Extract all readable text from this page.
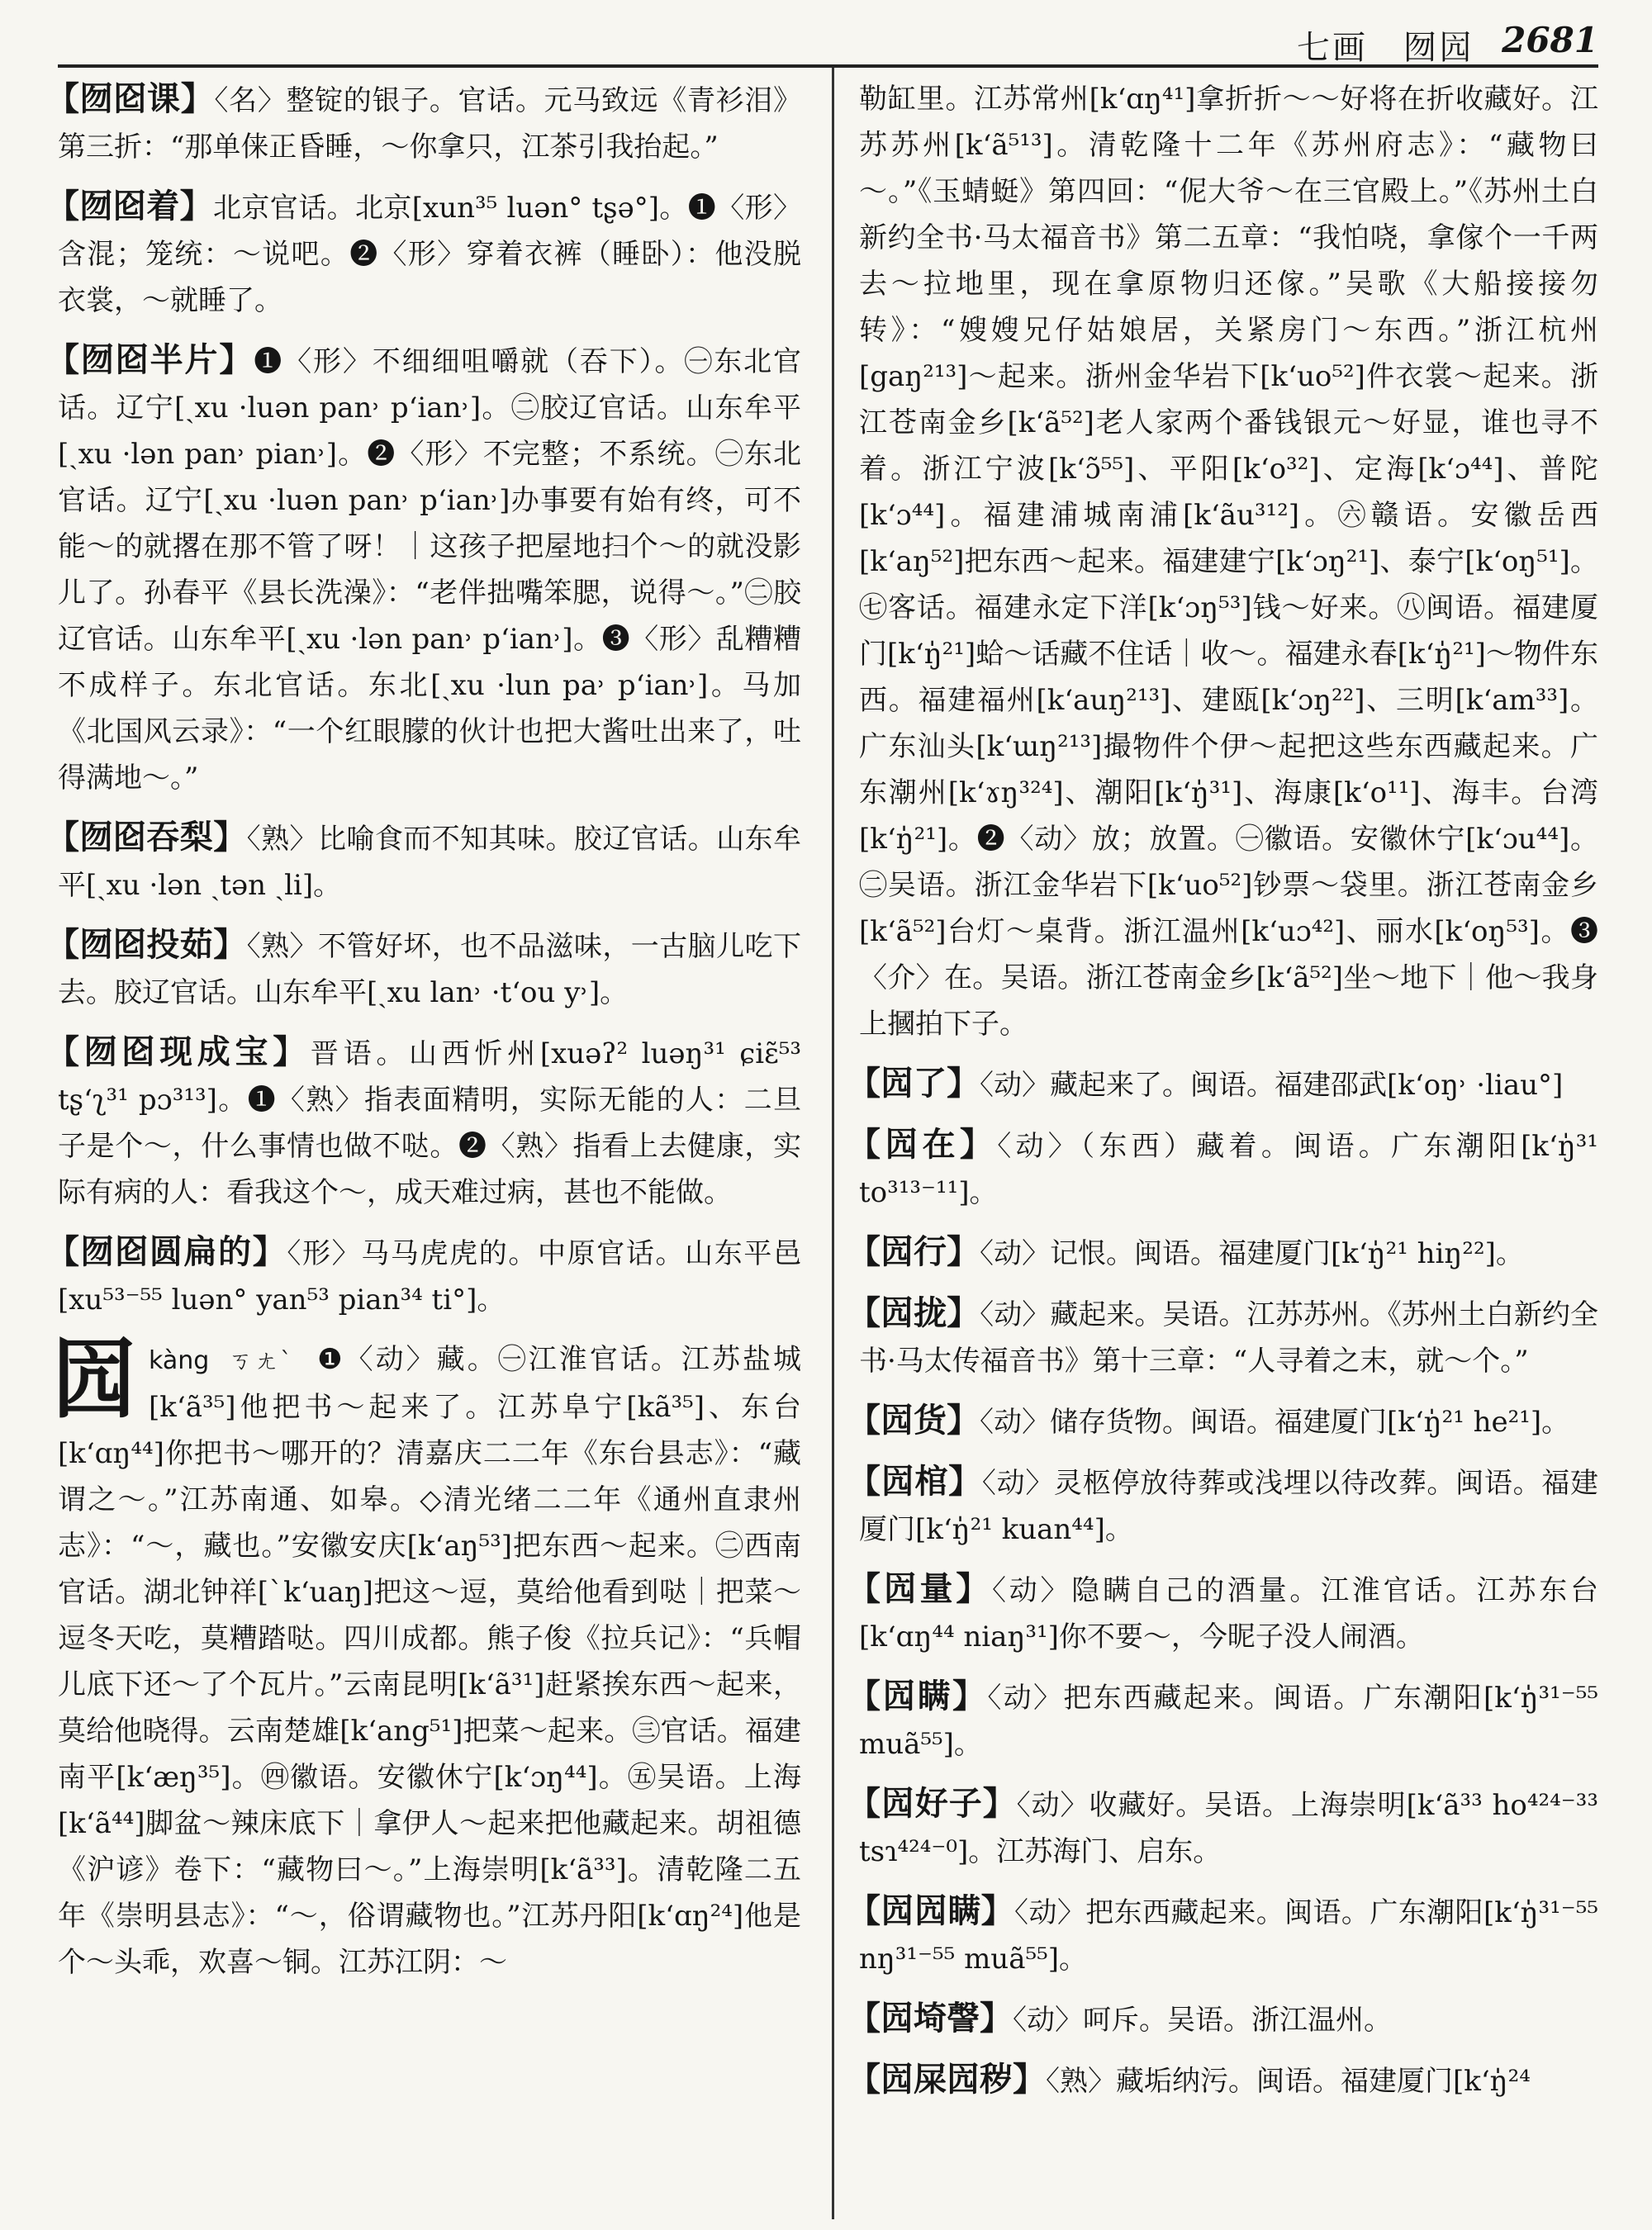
七画　囫囥 2681
【囫囵课】〈名〉整锭的银子。官话。元马致远《青衫泪》第三折：“那单俫正昏睡，～你拿只，江茶引我抬起。”
【囫囵着】北京官话。北京[xun³⁵ luən° tʂə°]。❶〈形〉含混；笼统：～说吧。❷〈形〉穿着衣裤（睡卧）：他没脱衣裳，～就睡了。
【囫囵半片】❶〈形〉不细细咀嚼就（吞下）。㊀东北官话。辽宁[ˏxu ·luən pan˒ pʻian˒]。㊁胶辽官话。山东牟平[ˏxu ·lən pan˒ pian˒]。❷〈形〉不完整；不系统。㊀东北官话。辽宁[ˏxu ·luən pan˒ pʻian˒]办事要有始有终，可不能～的就撂在那不管了呀！｜这孩子把屋地扫个～的就没影儿了。孙春平《县长洗澡》：“老伴拙嘴笨腮，说得～。”㊁胶辽官话。山东牟平[ˏxu ·lən pan˒ pʻian˒]。❸〈形〉乱糟糟不成样子。东北官话。东北[ˏxu ·lun pa˒ pʻian˒]。马加《北国风云录》：“一个红眼朦的伙计也把大酱吐出来了，吐得满地～。”
【囫囵吞梨】〈熟〉比喻食而不知其味。胶辽官话。山东牟平[ˏxu ·lən ˏtən ˏli]。
【囫囵投茹】〈熟〉不管好坏，也不品滋味，一古脑儿吃下去。胶辽官话。山东牟平[ˏxu lan˒ ·tʻou y˒]。
【囫囵现成宝】晋语。山西忻州[xuəʔ² luəŋ³¹ ɕiɛ̃⁵³ tʂʻʅ³¹ pɔ³¹³]。❶〈熟〉指表面精明，实际无能的人：二旦子是个～，什么事情也做不哒。❷〈熟〉指看上去健康，实际有病的人：看我这个～，成天难过病，甚也不能做。
【囫囵圆扁的】〈形〉马马虎虎的。中原官话。山东平邑[xu⁵³⁻⁵⁵ luən° yan⁵³ pian³⁴ ti°]。
囥 kàng ㄎㄤˋ ❶〈动〉藏。㊀江淮官话。江苏盐城[kʻã³⁵]他把书～起来了。江苏阜宁[kã³⁵]、东台[kʻɑŋ⁴⁴]你把书～哪开的？清嘉庆二二年《东台县志》：“藏谓之～。”江苏南通、如皋。◇清光绪二二年《通州直隶州志》：“～，藏也。”安徽安庆[kʻaŋ⁵³]把东西～起来。㊁西南官话。湖北钟祥[ˋkʻuaŋ]把这～逗，莫给他看到哒｜把菜～逗冬天吃，莫糟踏哒。四川成都。熊子俊《拉兵记》：“兵帽儿底下还～了个瓦片。”云南昆明[kʻã³¹]赶紧挨东西～起来，莫给他晓得。云南楚雄[kʻang⁵¹]把菜～起来。㊂官话。福建南平[kʻæŋ³⁵]。㊃徽语。安徽休宁[kʻɔŋ⁴⁴]。㊄吴语。上海[kʻã⁴⁴]脚盆～辣床底下｜拿伊人～起来把他藏起来。胡祖德《沪谚》卷下：“藏物曰～。”上海崇明[kʻã³³]。清乾隆二五年《崇明县志》：“～，俗谓藏物也。”江苏丹阳[kʻɑŋ²⁴]他是个～头乖，欢喜～铜。江苏江阴：～
勒缸里。江苏常州[kʻɑŋ⁴¹]拿折折～～好将在折收藏好。江苏苏州[kʻã⁵¹³]。清乾隆十二年《苏州府志》：“藏物曰～。”《玉蜻蜓》第四回：“伲大爷～在三官殿上。”《苏州土白新约全书·马太福音书》第二五章：“我怕哓，拿傢个一千两去～拉地里，现在拿原物归还傢。”吴歌《大船接接勿转》：“嫂嫂兄仔姑娘居，关紧房门～东西。”浙江杭州[gaŋ²¹³]～起来。浙州金华岩下[kʻuo⁵²]件衣裳～起来。浙江苍南金乡[kʻã⁵²]老人家两个番钱银元～好显，谁也寻不着。浙江宁波[kʻɔ̃⁵⁵]、平阳[kʻo³²]、定海[kʻɔ⁴⁴]、普陀[kʻɔ⁴⁴]。福建浦城南浦[kʻãu³¹²]。㊅赣语。安徽岳西[kʻaŋ⁵²]把东西～起来。福建建宁[kʻɔŋ²¹]、泰宁[kʻoŋ⁵¹]。㊆客话。福建永定下洋[kʻɔŋ⁵³]钱～好来。㊇闽语。福建厦门[kʻŋ̍²¹]蛤～话藏不住话｜收～。福建永春[kʻŋ̍²¹]～物件东西。福建福州[kʻauŋ²¹³]、建瓯[kʻɔŋ²²]、三明[kʻam³³]。广东汕头[kʻɯŋ²¹³]撮物件个伊～起把这些东西藏起来。广东潮州[kʻɤŋ³²⁴]、潮阳[kʻŋ̍³¹]、海康[kʻo¹¹]、海丰。台湾[kʻŋ̍²¹]。❷〈动〉放；放置。㊀徽语。安徽休宁[kʻɔu⁴⁴]。㊁吴语。浙江金华岩下[kʻuo⁵²]钞票～袋里。浙江苍南金乡[kʻã⁵²]台灯～桌背。浙江温州[kʻuɔ⁴²]、丽水[kʻoŋ⁵³]。❸〈介〉在。吴语。浙江苍南金乡[kʻã⁵²]坐～地下｜他～我身上摑拍下子。
【囥了】〈动〉藏起来了。闽语。福建邵武[kʻoŋ˒ ·liau°]
【囥在】〈动〉（东西）藏着。闽语。广东潮阳[kʻŋ̍³¹ to³¹³⁻¹¹]。
【囥行】〈动〉记恨。闽语。福建厦门[kʻŋ̍²¹ hiŋ²²]。
【囥拢】〈动〉藏起来。吴语。江苏苏州。《苏州土白新约全书·马太传福音书》第十三章：“人寻着之末，就～个。”
【囥货】〈动〉储存货物。闽语。福建厦门[kʻŋ̍²¹ he²¹]。
【囥棺】〈动〉灵柩停放待葬或浅埋以待改葬。闽语。福建厦门[kʻŋ̍²¹ kuan⁴⁴]。
【囥量】〈动〉隐瞒自己的酒量。江淮官话。江苏东台[kʻɑŋ⁴⁴ niaŋ³¹]你不要～，今昵子没人闹酒。
【囥瞒】〈动〉把东西藏起来。闽语。广东潮阳[kʻŋ̍³¹⁻⁵⁵ muã⁵⁵]。
【囥好子】〈动〉收藏好。吴语。上海崇明[kʻã³³ ho⁴²⁴⁻³³ tsɿ⁴²⁴⁻⁰]。江苏海门、启东。
【囥囥瞒】〈动〉把东西藏起来。闽语。广东潮阳[kʻŋ̍³¹⁻⁵⁵ nŋ³¹⁻⁵⁵ muã⁵⁵]。
【囥埼謦】〈动〉呵斥。吴语。浙江温州。
【囥屎囥秽】〈熟〉藏垢纳污。闽语。福建厦门[kʻŋ̍²⁴
